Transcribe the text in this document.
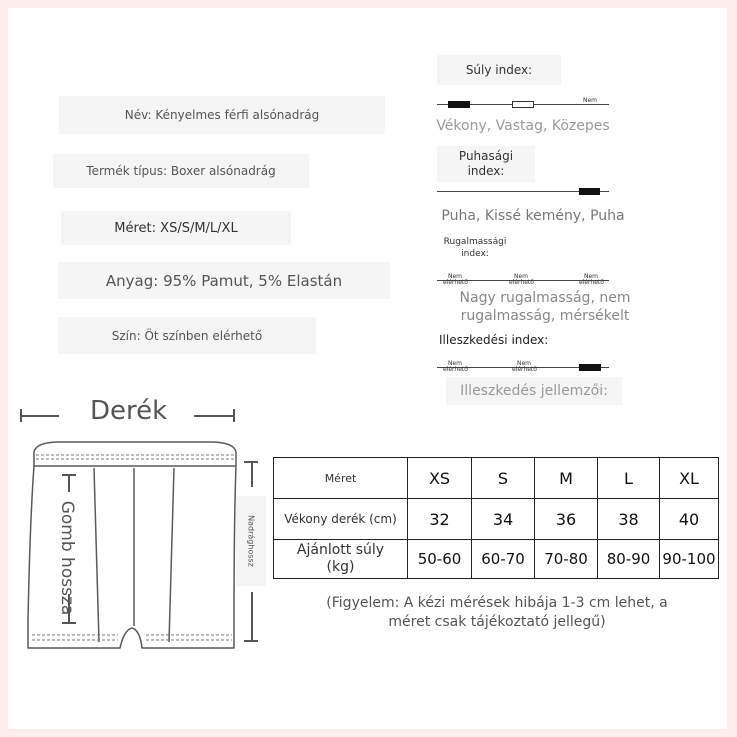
Név: Kényelmes férfi alsónadrág
Termék típus: Boxer alsónadrág
Méret: XS/S/M/L/XL
Anyag: 95% Pamut, 5% Elastán
Szín: Öt színben elérhető
Súly index:
Nem
Vékony, Vastag, Közepes
Puhasági
index:
Puha, Kissé kemény, Puha
Rugalmassági
index:
Nem
elérhető
Nem
elérhető
Nem
elérhető
Nagy rugalmasság, nem
rugalmasság, mérsékelt
Illeszkedési index:
Nem
elérhető
Nem
elérhető
Illeszkedés jellemzői:
Derék
Gomb hossza	Nadrághossz
Méret	XS	S	M	L	XL
Vékony derék (cm)	32	34	36	38	40

Ajánlott súly
(kg)	50-60	60-70	70-80	80-90	90-100
(Figyelem: A kézi mérések hibája 1-3 cm lehet, a
méret csak tájékoztató jellegű)
